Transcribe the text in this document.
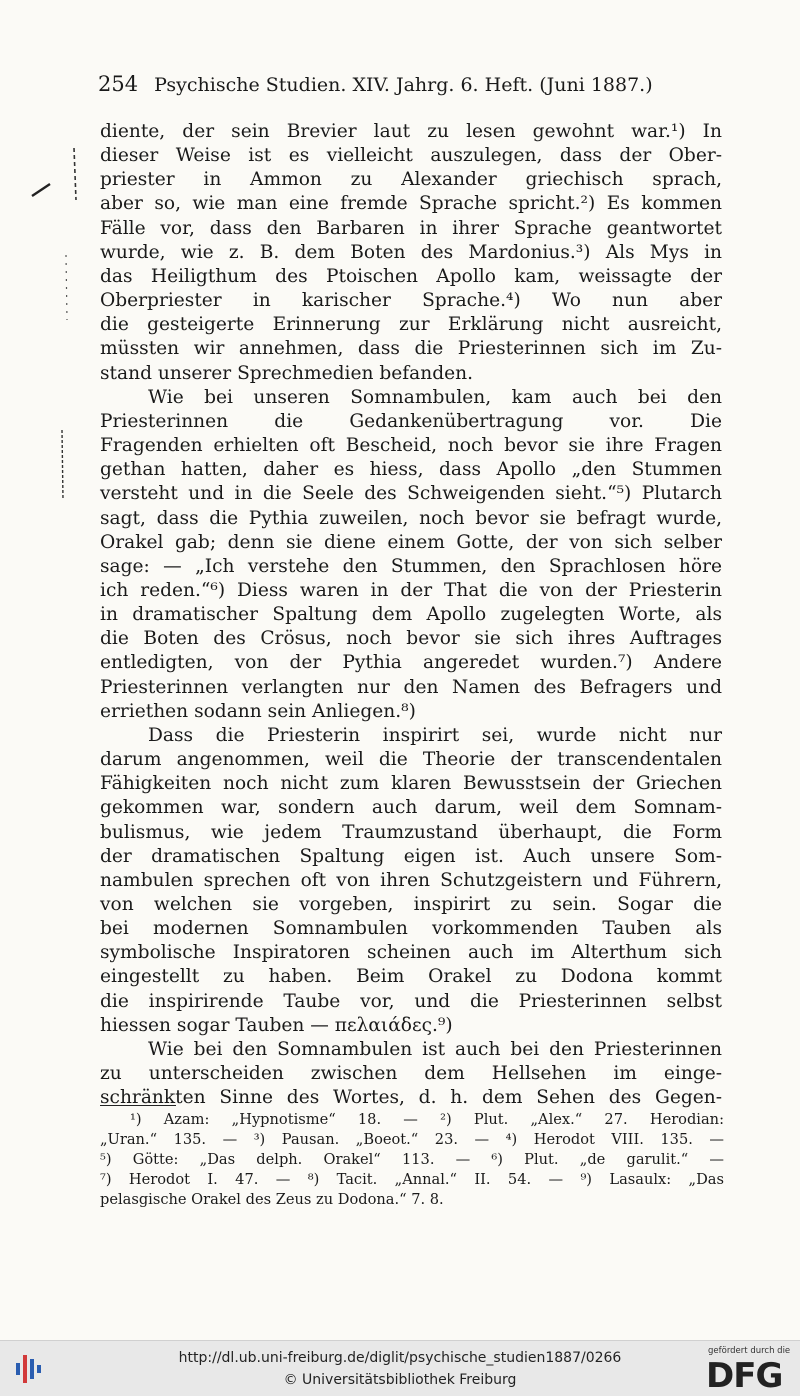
254 Psychische Studien. XIV. Jahrg. 6. Heft. (Juni 1887.)
diente, der sein Brevier laut zu lesen gewohnt war.¹) In
dieser Weise ist es vielleicht auszulegen, dass der Ober-
priester in Ammon zu Alexander griechisch sprach,
aber so, wie man eine fremde Sprache spricht.²) Es kommen
Fälle vor, dass den Barbaren in ihrer Sprache geantwortet
wurde, wie z. B. dem Boten des Mardonius.³) Als Mys in
das Heiligthum des Ptoischen Apollo kam, weissagte der
Oberpriester in karischer Sprache.⁴) Wo nun aber
die gesteigerte Erinnerung zur Erklärung nicht ausreicht,
müssten wir annehmen, dass die Priesterinnen sich im Zu-
stand unserer Sprechmedien befanden.
Wie bei unseren Somnambulen, kam auch bei den
Priesterinnen die Gedankenübertragung vor. Die
Fragenden erhielten oft Bescheid, noch bevor sie ihre Fragen
gethan hatten, daher es hiess, dass Apollo „den Stummen
versteht und in die Seele des Schweigenden sieht.“⁵) Plutarch
sagt, dass die Pythia zuweilen, noch bevor sie befragt wurde,
Orakel gab; denn sie diene einem Gotte, der von sich selber
sage: — „Ich verstehe den Stummen, den Sprachlosen höre
ich reden.“⁶) Diess waren in der That die von der Priesterin
in dramatischer Spaltung dem Apollo zugelegten Worte, als
die Boten des Crösus, noch bevor sie sich ihres Auftrages
entledigten, von der Pythia angeredet wurden.⁷) Andere
Priesterinnen verlangten nur den Namen des Befragers und
erriethen sodann sein Anliegen.⁸)
Dass die Priesterin inspirirt sei, wurde nicht nur
darum angenommen, weil die Theorie der transcendentalen
Fähigkeiten noch nicht zum klaren Bewusstsein der Griechen
gekommen war, sondern auch darum, weil dem Somnam-
bulismus, wie jedem Traumzustand überhaupt, die Form
der dramatischen Spaltung eigen ist. Auch unsere Som-
nambulen sprechen oft von ihren Schutzgeistern und Führern,
von welchen sie vorgeben, inspirirt zu sein. Sogar die
bei modernen Somnambulen vorkommenden Tauben als
symbolische Inspiratoren scheinen auch im Alterthum sich
eingestellt zu haben. Beim Orakel zu Dodona kommt
die inspirirende Taube vor, und die Priesterinnen selbst
hiessen sogar Tauben — πελαιάδες.⁹)
Wie bei den Somnambulen ist auch bei den Priesterinnen
zu unterscheiden zwischen dem Hellsehen im einge-
schränkten Sinne des Wortes, d. h. dem Sehen des Gegen-
¹) Azam: „Hypnotisme“ 18. — ²) Plut. „Alex.“ 27. Herodian:
„Uran.“ 135. — ³) Pausan. „Boeot.“ 23. — ⁴) Herodot VIII. 135. —
⁵) Götte: „Das delph. Orakel“ 113. — ⁶) Plut. „de garulit.“ —
⁷) Herodot I. 47. — ⁸) Tacit. „Annal.“ II. 54. — ⁹) Lasaulx: „Das
pelasgische Orakel des Zeus zu Dodona.“ 7. 8.
http://dl.ub.uni-freiburg.de/diglit/psychische_studien1887/0266
© Universitätsbibliothek Freiburg
gefördert durch die
DFG
